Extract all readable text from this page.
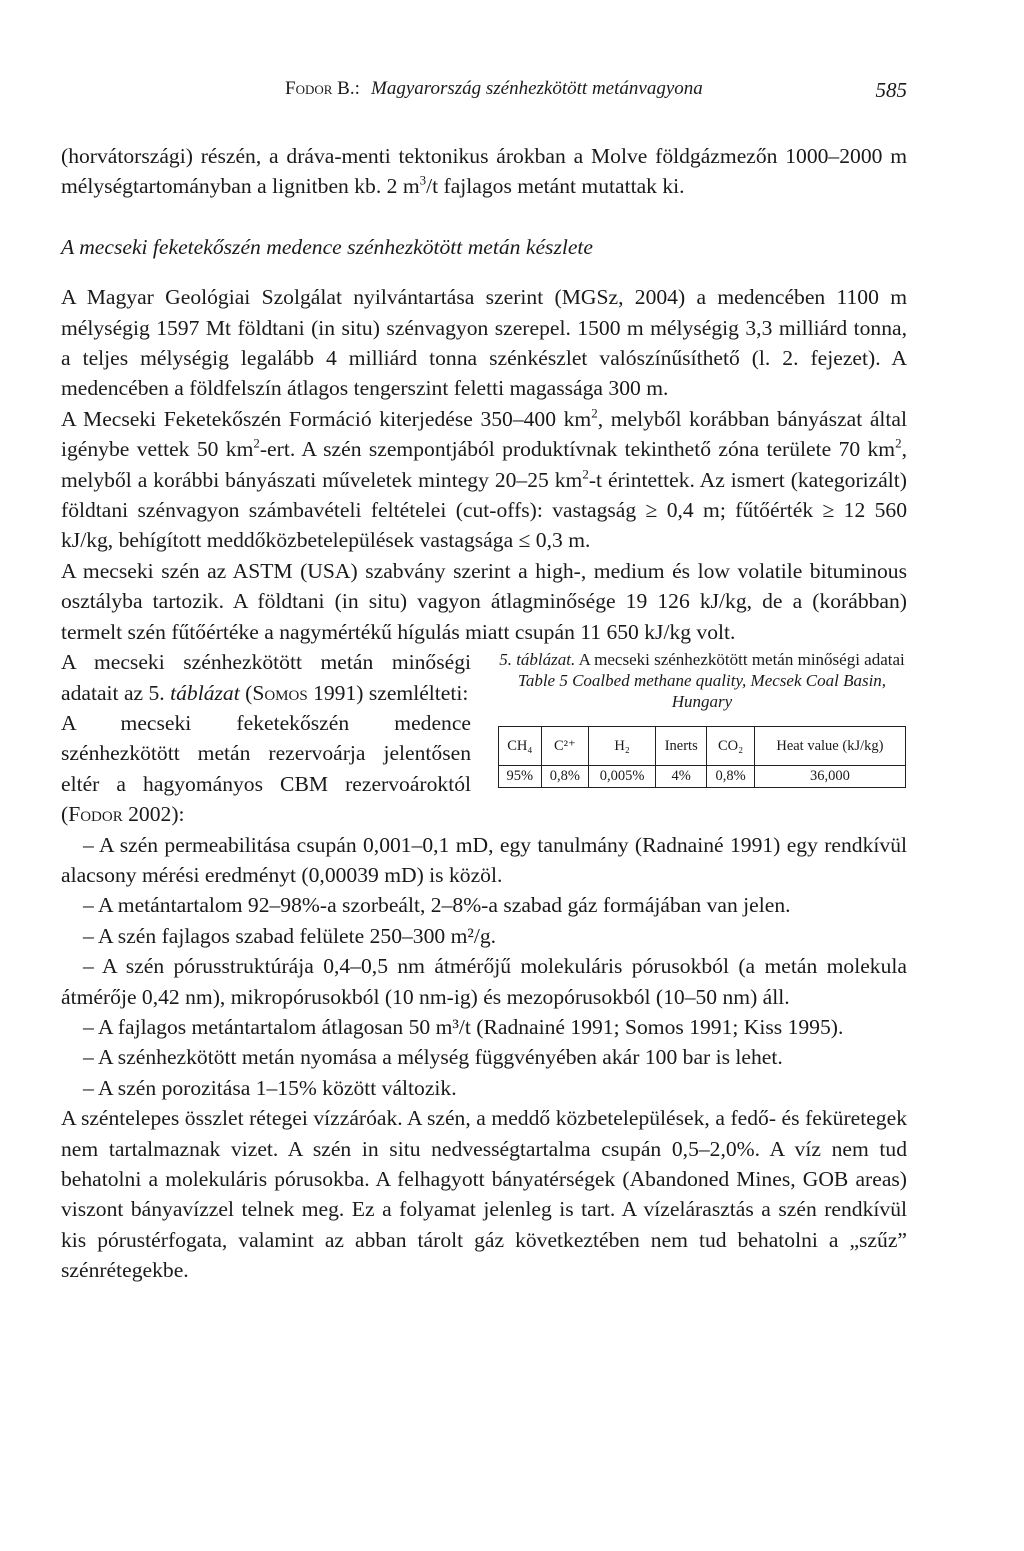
Fodor B.: Magyarország szénhezkötött metánvagyona	585

(horvátországi) részén, a dráva-menti tektonikus árokban a Molve földgázmezőn 1000–2000 m mélységtartományban a lignitben kb. 2 $m^3/t$ fajlagos metánt mutattak ki.

A mecseki feketekőszén medence szénhezkötött metán készlete

A Magyar Geológiai Szolgálat nyilvántartása szerint (MGSz, 2004) a medencében 1100 m mélységig 1597 Mt földtani (in situ) szénvagyon szerepel. 1500 m mélységig 3,3 milliárd tonna, a teljes mélységig legalább 4 milliárd tonna szénkészlet valószínűsíthető (l. 2. fejezet). A medencében a földfelszín átlagos tengerszint feletti magassága 300 m.

A Mecseki Feketekőszén Formáció kiterjedése 350–400 $km^2$, melyből korábban bányászat által igénybe vettek 50 $km^2$-ert. A szén szempontjából produktívnak tekinthető zóna területe 70 $km^2$, melyből a korábbi bányászati műveletek mintegy 20–25 $km^2-t$ érintettek. Az ismert (kategorizált) földtani szénvagyon számbavételi feltételei (cut-offs): vastagság ≥ 0,4 m; fűtőérték ≥ 12 560 kJ/kg, behígított meddőközbetelepülések vastagsága ≤ 0,3 m.

A mecseki szén az ASTM (USA) szabvány szerint a high-, medium és low volatile bituminous osztályba tartozik. A földtani (in situ) vagyon átlagminősége 19 126 kJ/kg, de a (korábban) termelt szén fűtőértéke a nagymértékű hígulás miatt csupán 11 650 kJ/kg volt.

5. táblázat. A mecseki szénhezkötött metán minőségi adatai

Table 5 Coalbed methane quality, Mecsek Coal Basin, Hungary

CH₄	C²⁺	H₂	Inerts	CO₂	Heat value (kJ/kg)
95%	0,8%	0,005%	4%	0,8%	36,000

A mecseki szénhezkötött metán minőségi adatait az 5. táblázat (Somos 1991) szemlélteti:

A mecseki feketekőszén medence szénhezkötött metán rezervoárja jelentősen eltér a hagyományos CBM rezervoároktól (Fodor 2002):

– A szén permeabilitása csupán 0,001–0,1 mD, egy tanulmány (Radnainé 1991) egy rendkívül alacsony mérési eredményt (0,00039 mD) is közöl.

– A metántartalom 92–98%-a szorbeált, 2–8%-a szabad gáz formájában van jelen.

– A szén fajlagos szabad felülete 250–300 m²/g.

– A szén pórusstruktúrája 0,4–0,5 nm átmérőjű molekuláris pórusokból (a metán molekula átmérője 0,42 nm), mikropórusokból (10 nm-ig) és mezopórusokból (10–50 nm) áll.

– A fajlagos metántartalom átlagosan 50 m³/t (Radnainé 1991; Somos 1991; Kiss 1995).

– A szénhezkötött metán nyomása a mélység függvényében akár 100 bar is lehet.

– A szén porozitása 1–15% között változik.

A széntelepes összlet rétegei vízzáróak. A szén, a meddő közbetelepülések, a fedő- és feküretegek nem tartalmaznak vizet. A szén in situ nedvességtartalma csupán 0,5–2,0%. A víz nem tud behatolni a molekuláris pórusokba. A felhagyott bányatérségek (Abandoned Mines, GOB areas) viszont bányavízzel telnek meg. Ez a folyamat jelenleg is tart. A vízelárasztás a szén rendkívül kis pórustérfogata, valamint az abban tárolt gáz következtében nem tud behatolni a „szűz” szénrétegekbe.
